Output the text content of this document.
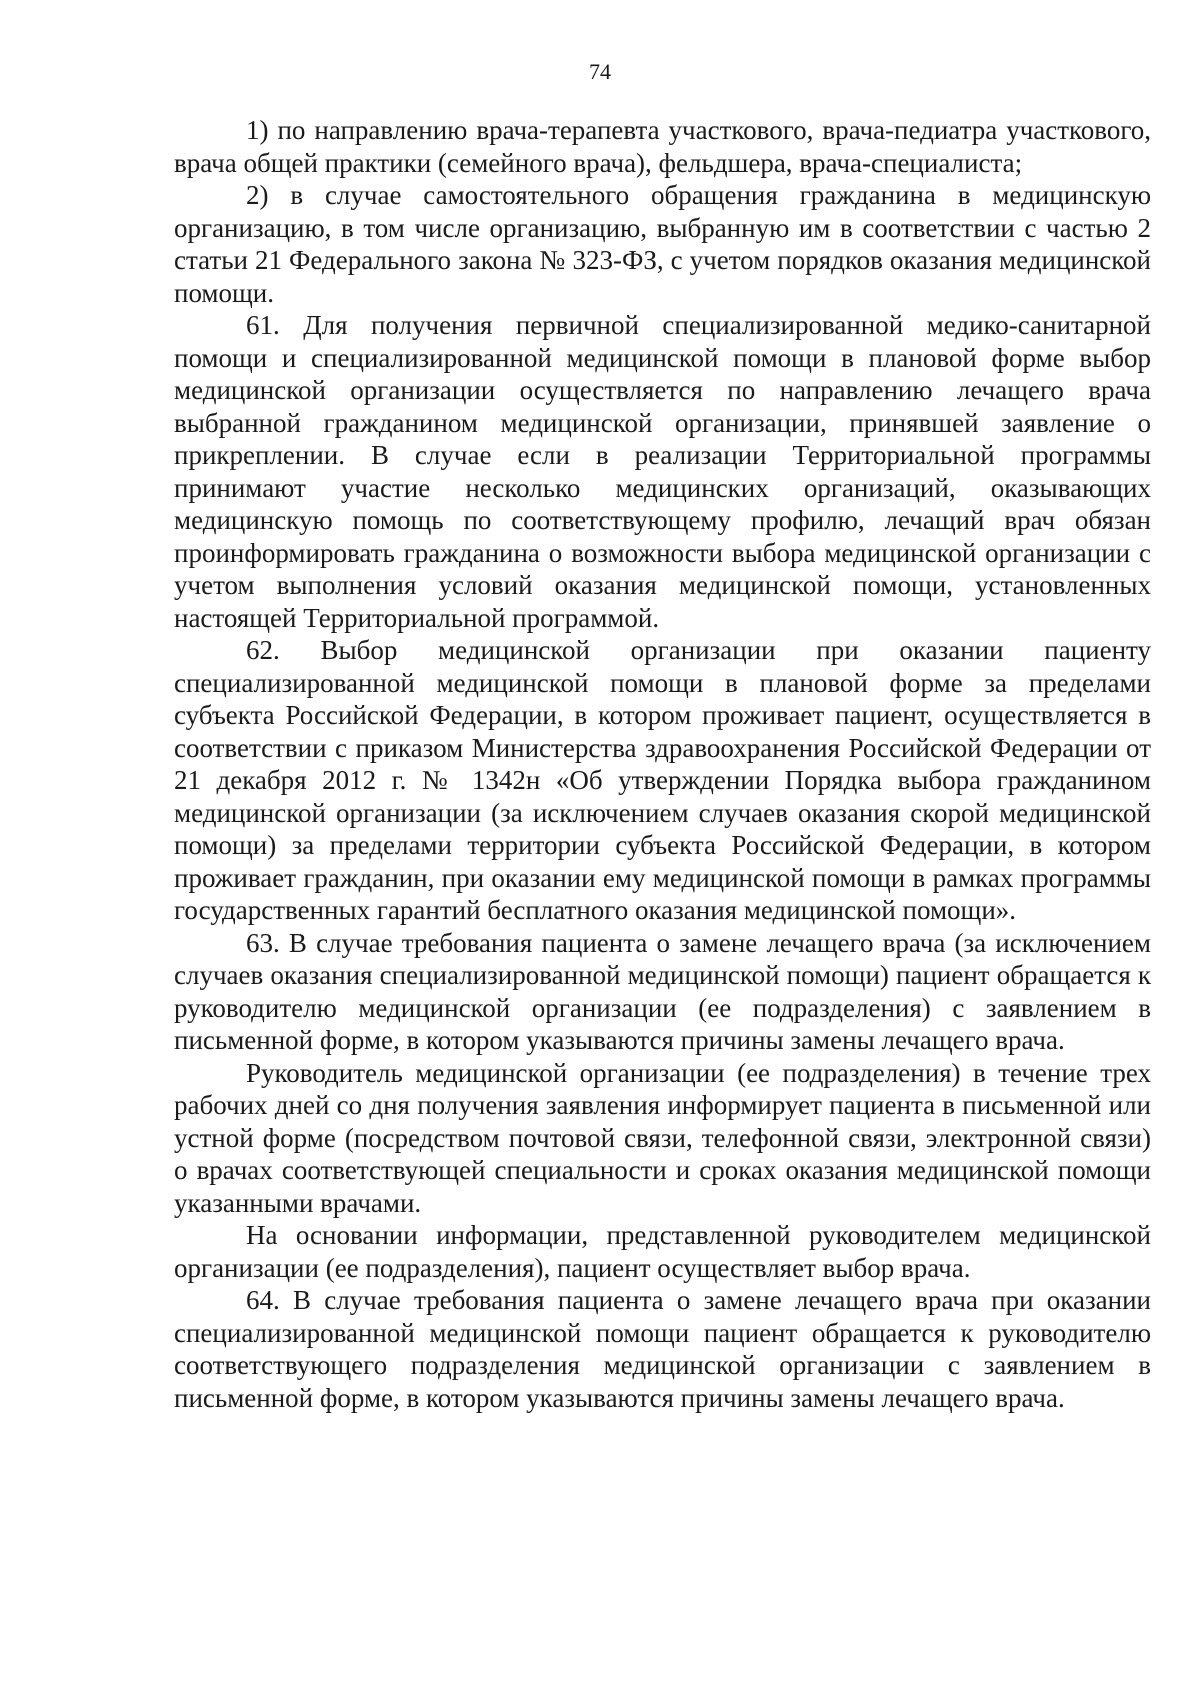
74

1) по направлению врача-терапевта участкового, врача-педиатра участкового, врача общей практики (семейного врача), фельдшера, врача-специалиста;

2) в случае самостоятельного обращения гражданина в медицинскую организацию, в том числе организацию, выбранную им в соответствии с частью 2 статьи 21 Федерального закона № 323-ФЗ, с учетом порядков оказания медицинской помощи.

61. Для получения первичной специализированной медико-санитарной помощи и специализированной медицинской помощи в плановой форме выбор медицинской организации осуществляется по направлению лечащего врача выбранной гражданином медицинской организации, принявшей заявление о прикреплении. В случае если в реализации Территориальной программы принимают участие несколько медицинских организаций, оказывающих медицинскую помощь по соответствующему профилю, лечащий врач обязан проинформировать гражданина о возможности выбора медицинской организации с учетом выполнения условий оказания медицинской помощи, установленных настоящей Территориальной программой.

62. Выбор медицинской организации при оказании пациенту специализированной медицинской помощи в плановой форме за пределами субъекта Российской Федерации, в котором проживает пациент, осуществляется в соответствии с приказом Министерства здравоохранения Российской Федерации от 21 декабря 2012 г. № 1342н «Об утверждении Порядка выбора гражданином медицинской организации (за исключением случаев оказания скорой медицинской помощи) за пределами территории субъекта Российской Федерации, в котором проживает гражданин, при оказании ему медицинской помощи в рамках программы государственных гарантий бесплатного оказания медицинской помощи».

63. В случае требования пациента о замене лечащего врача (за исключением случаев оказания специализированной медицинской помощи) пациент обращается к руководителю медицинской организации (ее подразделения) с заявлением в письменной форме, в котором указываются причины замены лечащего врача.

Руководитель медицинской организации (ее подразделения) в течение трех рабочих дней со дня получения заявления информирует пациента в письменной или устной форме (посредством почтовой связи, телефонной связи, электронной связи) о врачах соответствующей специальности и сроках оказания медицинской помощи указанными врачами.

На основании информации, представленной руководителем медицинской организации (ее подразделения), пациент осуществляет выбор врача.

64. В случае требования пациента о замене лечащего врача при оказании специализированной медицинской помощи пациент обращается к руководителю соответствующего подразделения медицинской организации с заявлением в письменной форме, в котором указываются причины замены лечащего врача.
